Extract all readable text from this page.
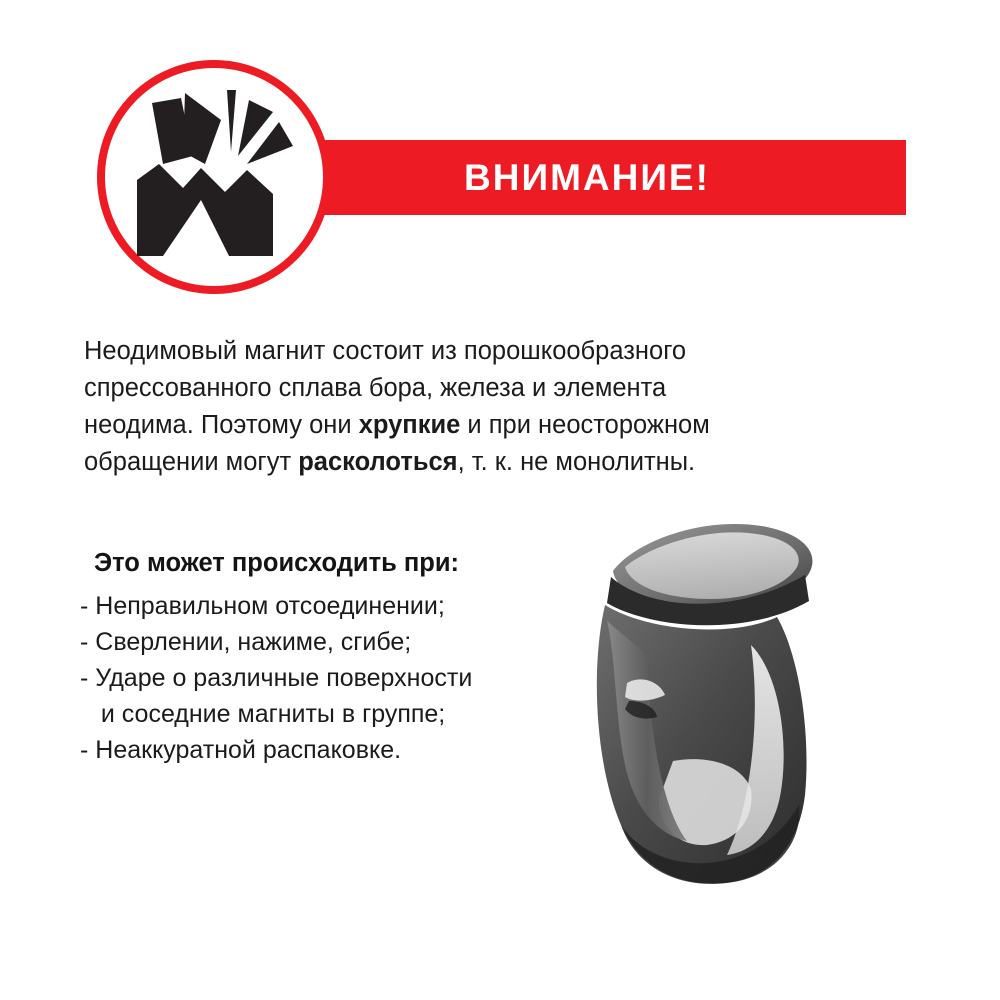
ВНИМАНИЕ!
Неодимовый магнит состоит из порошкообразного
спрессованного сплава бора, железа и элемента
неодима. Поэтому они хрупкие и при неосторожном
обращении могут расколоться, т. к. не монолитны.
Это может происходить при:
- Неправильном отсоединении;
- Сверлении, нажиме, сгибе;
- Ударе о различные поверхности
и соседние магниты в группе;
- Неаккуратной распаковке.
